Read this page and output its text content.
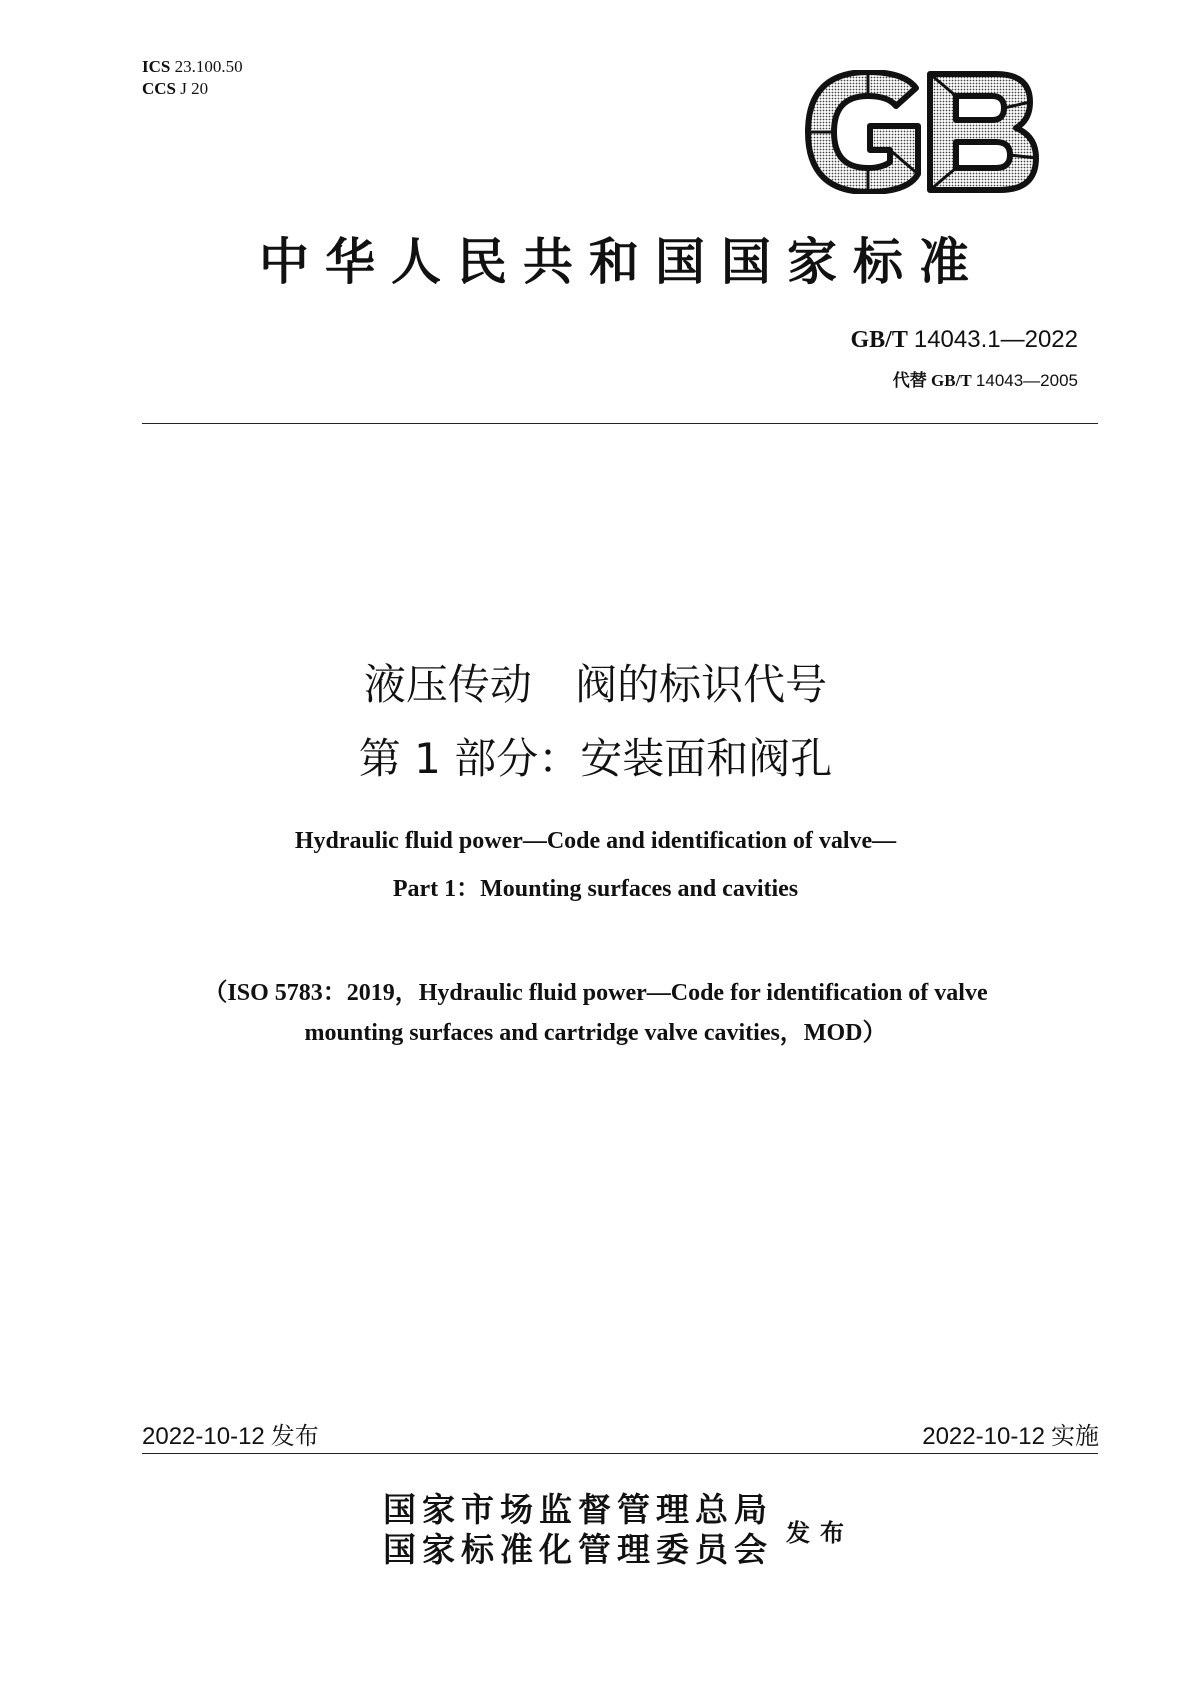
ICS 23.100.50
CCS J 20
中华人民共和国国家标准
GB/T 14043.1—2022
代替 GB/T 14043—2005
液压传动 阀的标识代号
第 1 部分：安装面和阀孔
Hydraulic fluid power—Code and identification of valve—
Part 1：Mounting surfaces and cavities
（ISO 5783：2019，Hydraulic fluid power—Code for identification of valve
mounting surfaces and cartridge valve cavities，MOD）
2022-10-12 发布	2022-10-12 实施
国家市场监督管理总局
国家标准化管理委员会 发布
